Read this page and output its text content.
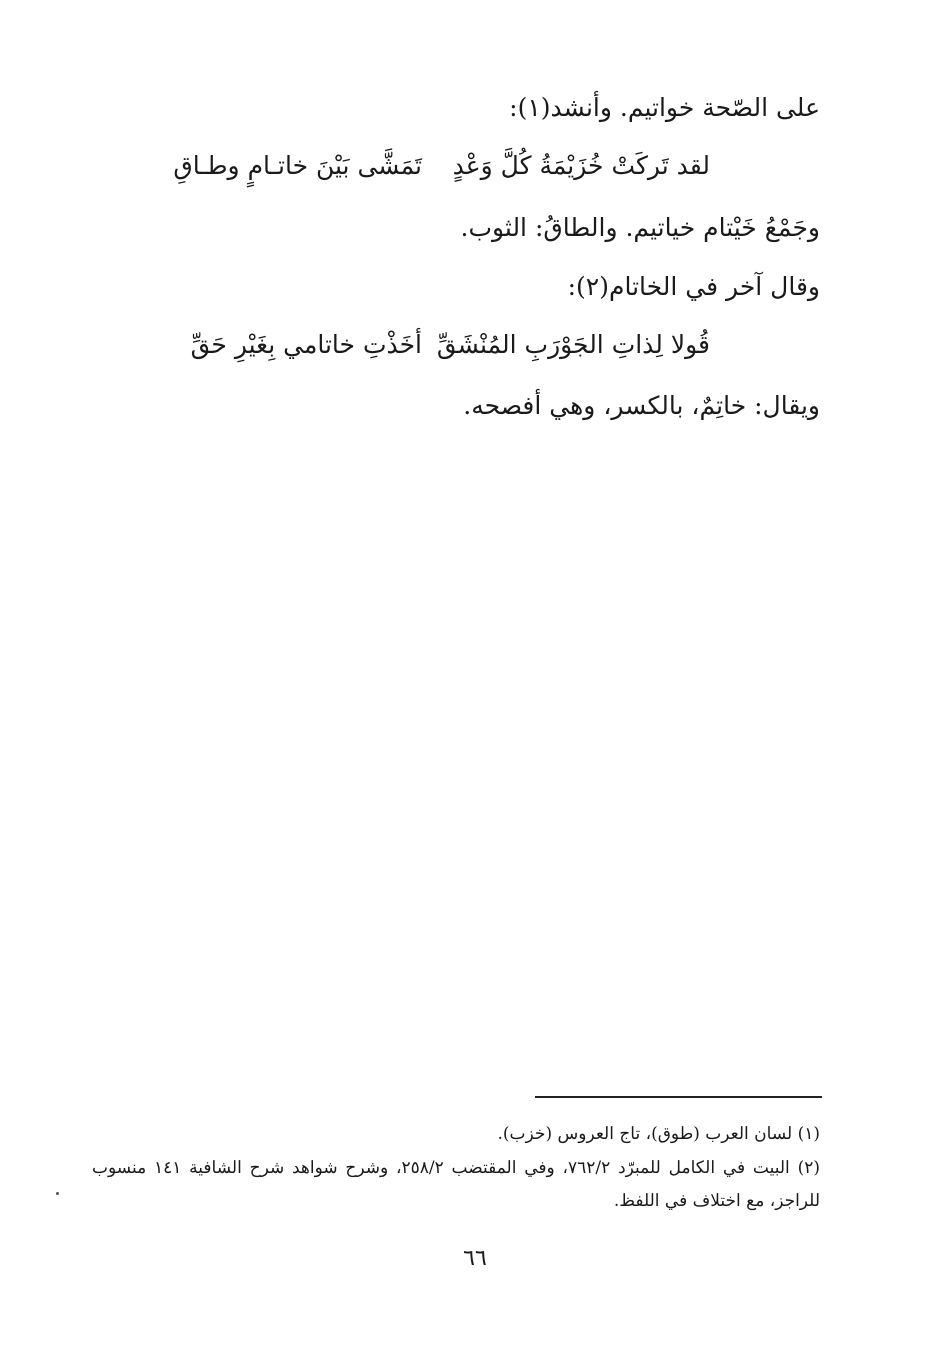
على الصّحة خواتيم. وأنشد(١):
لقد تَركَتْ خُزَيْمَةُ كُلَّ وَعْدٍ
تَمَشَّى بَيْنَ خاتـامٍ وطـاقِ
وجَمْعُ خَيْتام خياتيم. والطاقُ: الثوب.
وقال آخر في الخاتام(٢):
قُولا لِذاتِ الجَوْرَبِ المُنْشَقِّ
أخَذْتِ خاتامي بِغَيْرِ حَقِّ
ويقال: خاتِمٌ، بالكسر، وهي أفصحه.
(١) لسان العرب (طوق)، تاج العروس (خزب).
(٢) البيت في الكامل للمبرّد ٧٦٢/٢، وفي المقتضب ٢٥٨/٢، وشرح شواهد شرح الشافية ١٤١ منسوب للراجز، مع اختلاف في اللفظ.
٦٦
